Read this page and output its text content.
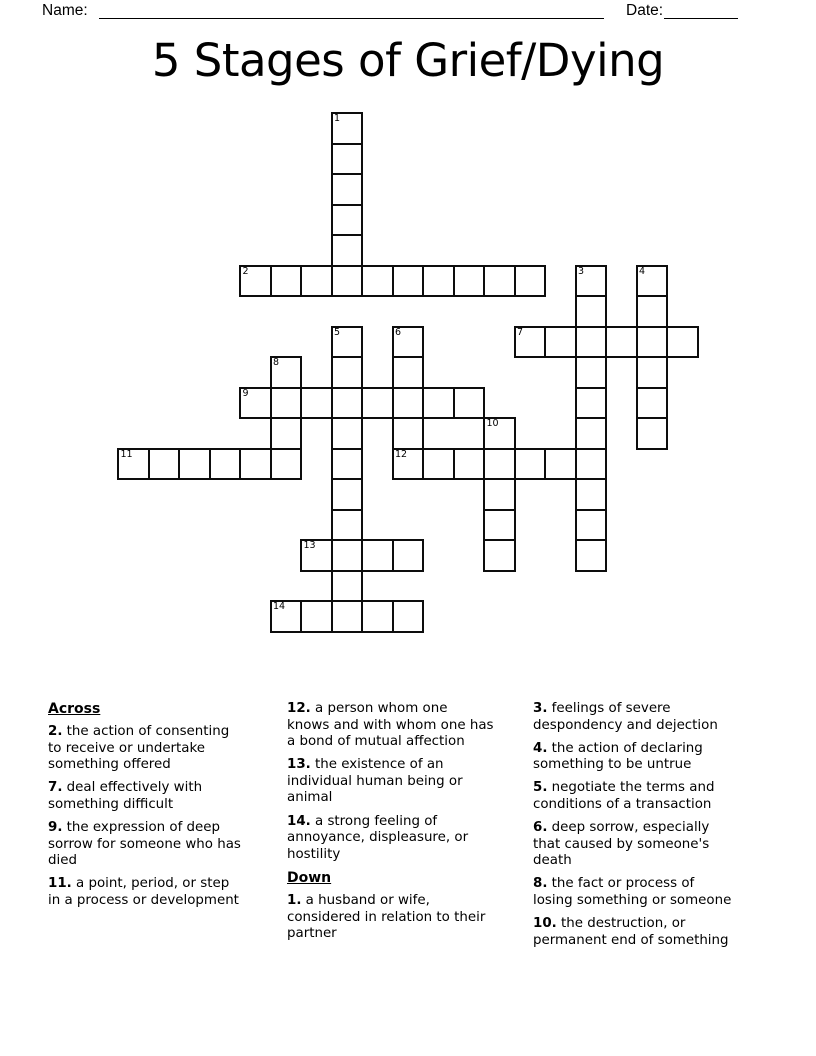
Name:	Date:
5 Stages of Grief/Dying
1
2	3	4
5	6
12
7
8
9
10
11
13
14
Across
2. the action of consenting
to receive or undertake
something offered
7. deal effectively with
something difficult
9. the expression of deep
sorrow for someone who has
died
11. a point, period, or step
in a process or development
12. a person whom one
knows and with whom one has
a bond of mutual affection
13. the existence of an
individual human being or
animal
14. a strong feeling of
annoyance, displeasure, or
hostility
Down
1. a husband or wife,
considered in relation to their
partner
3. feelings of severe
despondency and dejection
4. the action of declaring
something to be untrue
5. negotiate the terms and
conditions of a transaction
6. deep sorrow, especially
that caused by someone's
death
8. the fact or process of
losing something or someone
10. the destruction, or
permanent end of something
